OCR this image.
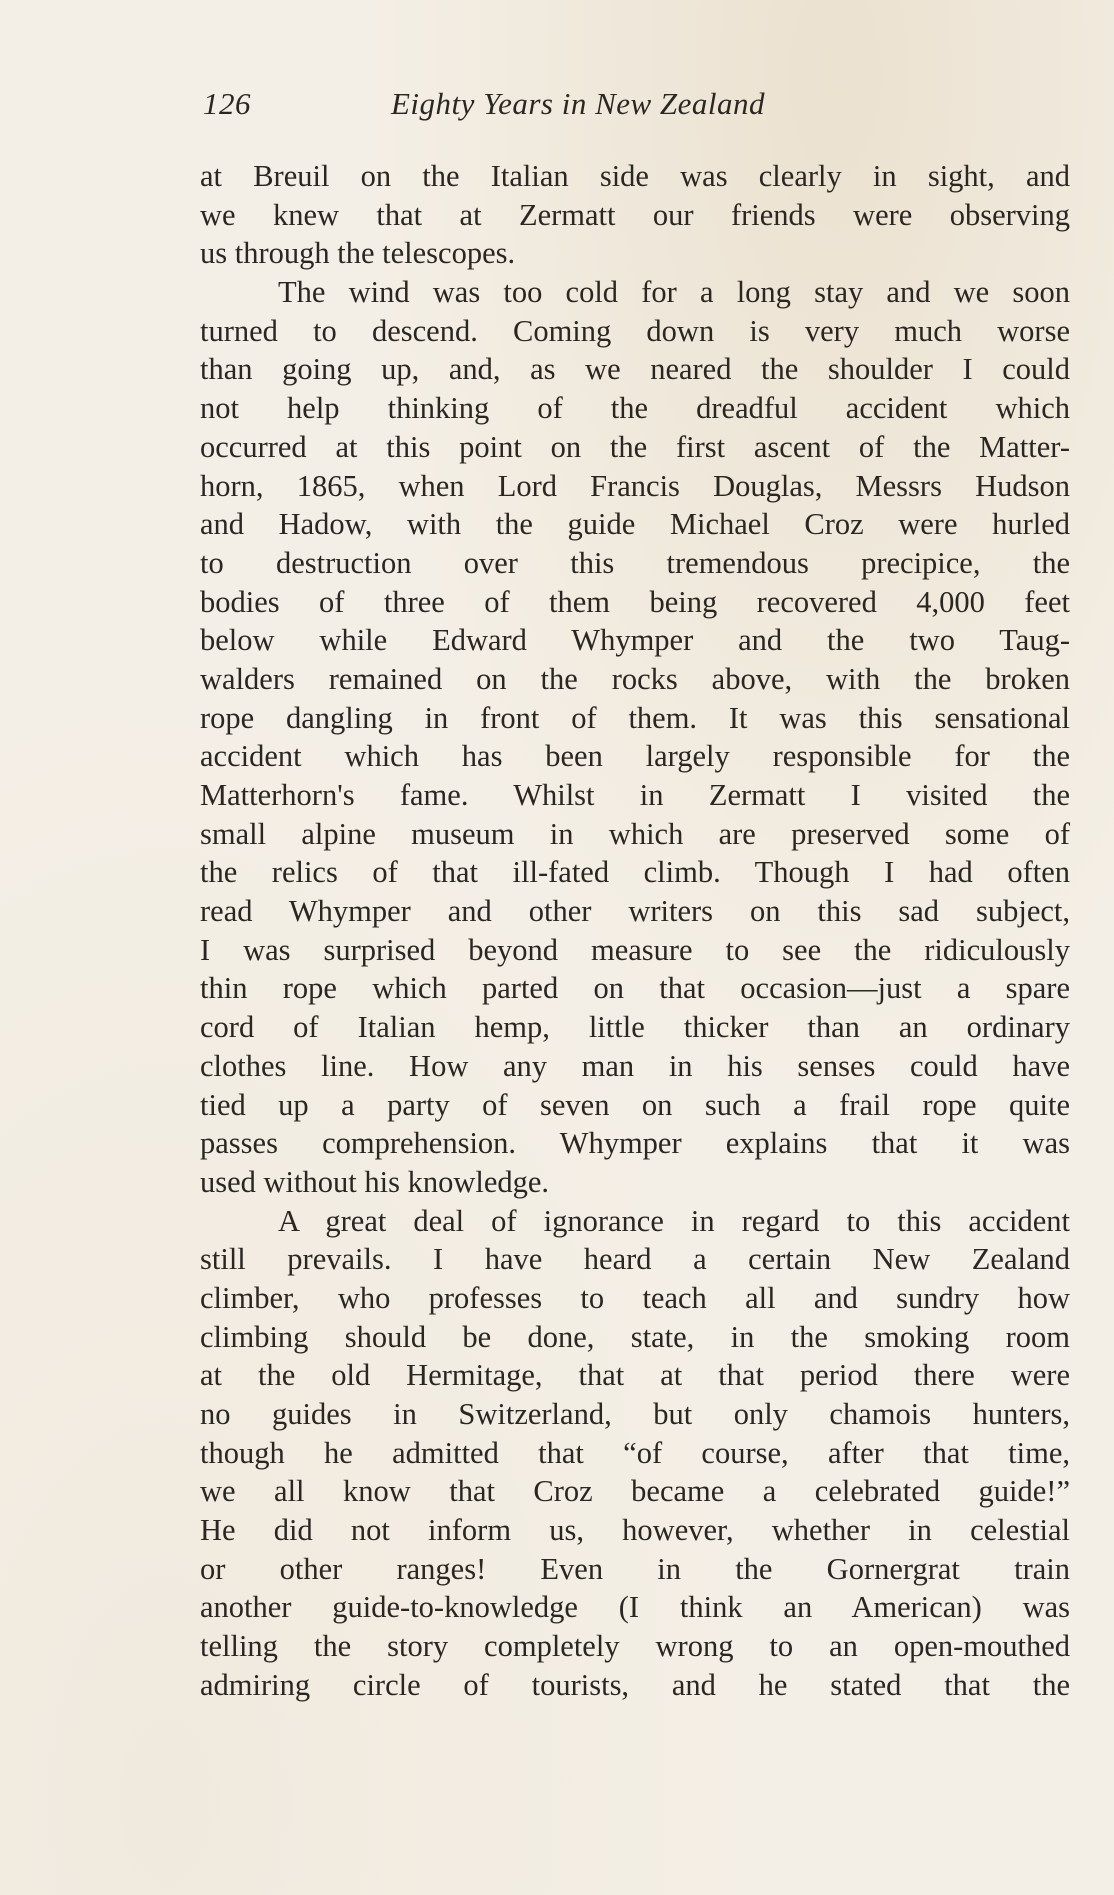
126	Eighty Years in New Zealand
at Breuil on the Italian side was clearly in sight, and
we knew that at Zermatt our friends were observing
us through the telescopes.
The wind was too cold for a long stay and we soon
turned to descend. Coming down is very much worse
than going up, and, as we neared the shoulder I could
not help thinking of the dreadful accident which
occurred at this point on the first ascent of the Matter-
horn, 1865, when Lord Francis Douglas, Messrs Hudson
and Hadow, with the guide Michael Croz were hurled
to destruction over this tremendous precipice, the
bodies of three of them being recovered 4,000 feet
below while Edward Whymper and the two Taug-
walders remained on the rocks above, with the broken
rope dangling in front of them. It was this sensational
accident which has been largely responsible for the
Matterhorn's fame. Whilst in Zermatt I visited the
small alpine museum in which are preserved some of
the relics of that ill-fated climb. Though I had often
read Whymper and other writers on this sad subject,
I was surprised beyond measure to see the ridiculously
thin rope which parted on that occasion—just a spare
cord of Italian hemp, little thicker than an ordinary
clothes line. How any man in his senses could have
tied up a party of seven on such a frail rope quite
passes comprehension. Whymper explains that it was
used without his knowledge.
A great deal of ignorance in regard to this accident
still prevails. I have heard a certain New Zealand
climber, who professes to teach all and sundry how
climbing should be done, state, in the smoking room
at the old Hermitage, that at that period there were
no guides in Switzerland, but only chamois hunters,
though he admitted that “of course, after that time,
we all know that Croz became a celebrated guide!”
He did not inform us, however, whether in celestial
or other ranges! Even in the Gornergrat train
another guide-to-knowledge (I think an American) was
telling the story completely wrong to an open-mouthed
admiring circle of tourists, and he stated that the
